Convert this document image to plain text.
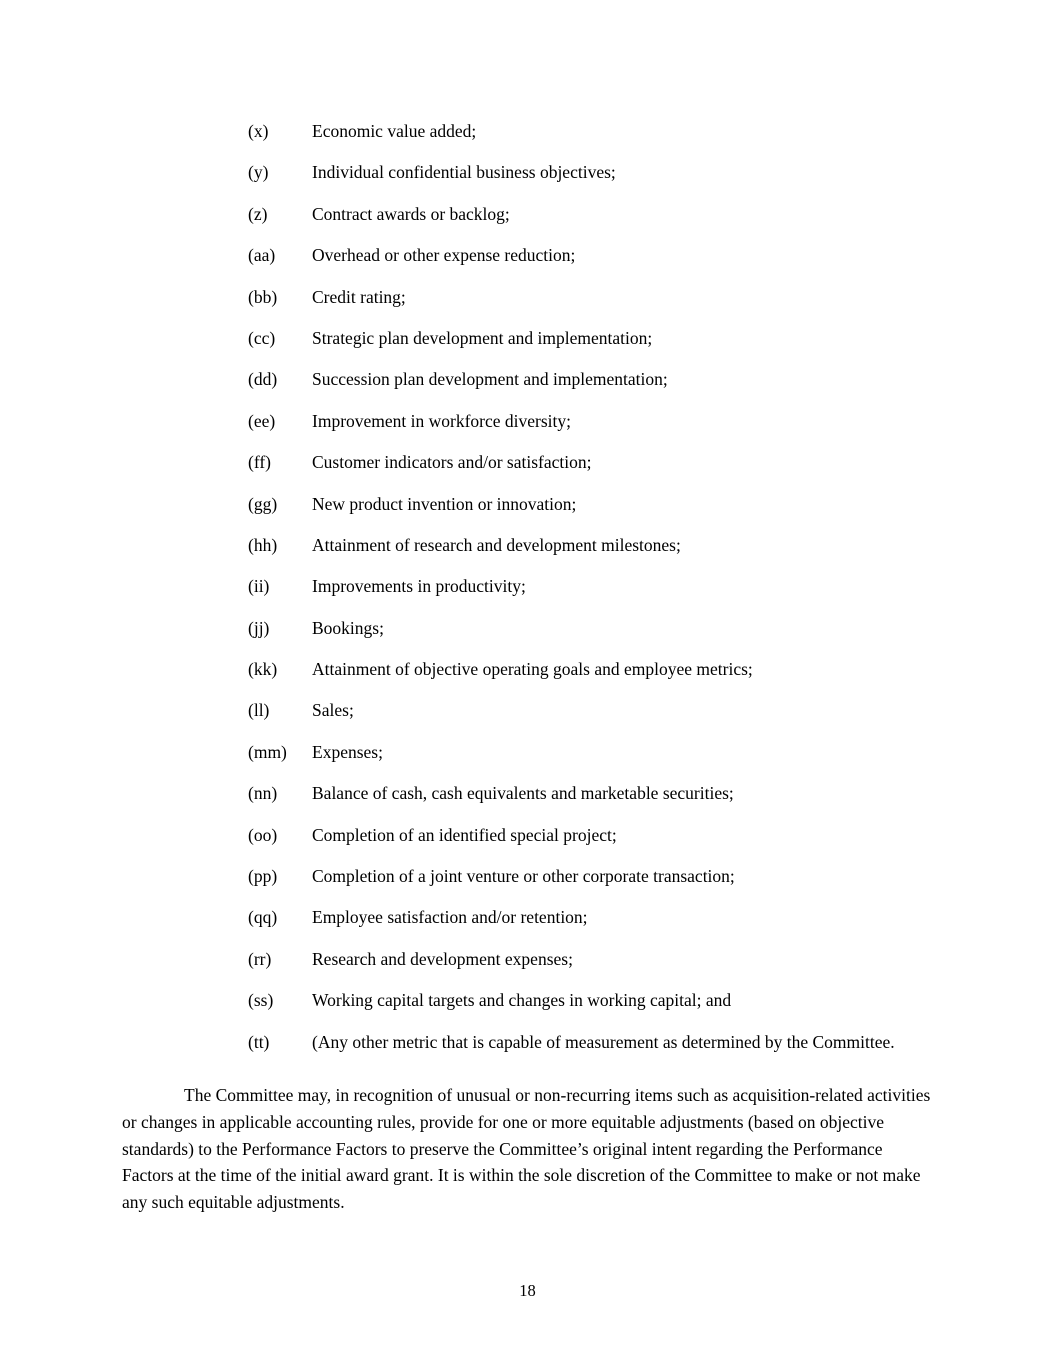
(x) Economic value added;
(y) Individual confidential business objectives;
(z)	Contract awards or backlog;
(aa) Overhead or other expense reduction;
(bb) Credit rating;
(cc) Strategic plan development and implementation;
(dd) Succession plan development and implementation;
(ee) Improvement in workforce diversity;
(ff) Customer indicators and/or satisfaction;
(gg) New product invention or innovation;
(hh) Attainment of research and development milestones;
(ii) Improvements in productivity;
(jj) Bookings;
(kk) Attainment of objective operating goals and employee metrics;
(ll) Sales;
(mm) Expenses;
(nn) Balance of cash, cash equivalents and marketable securities;
(oo) Completion of an identified special project;
(pp) Completion of a joint venture or other corporate transaction;
(qq) Employee satisfaction and/or retention;
(rr) Research and development expenses;
(ss) Working capital targets and changes in working capital; and
(tt) (Any other metric that is capable of measurement as determined by the Committee.
The Committee may, in recognition of unusual or non-recurring items such as acquisition-related activities or changes in applicable accounting rules, provide for one or more equitable adjustments (based on objective standards) to the Performance Factors to preserve the Committee’s original intent regarding the Performance Factors at the time of the initial award grant. It is within the sole discretion of the Committee to make or not make any such equitable adjustments.
18
